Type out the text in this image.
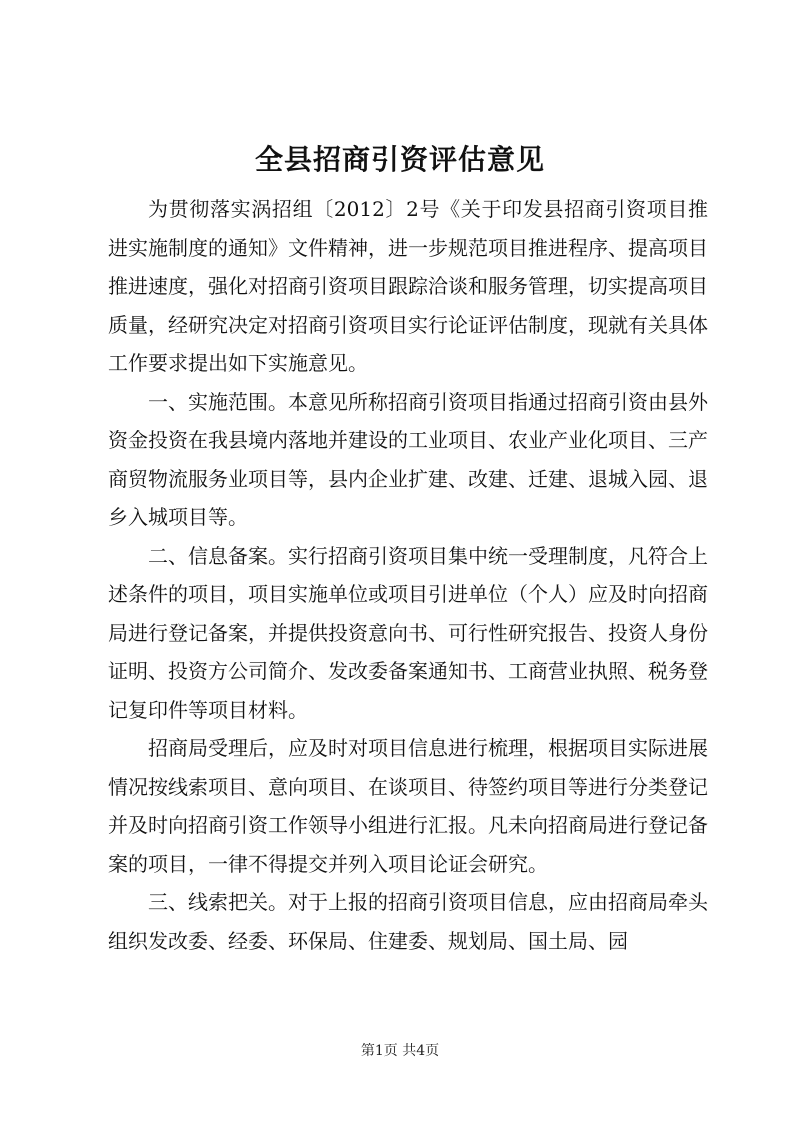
全县招商引资评估意见

为贯彻落实涡招组〔2012〕2号《关于印发县招商引资项目推进实施制度的通知》文件精神，进一步规范项目推进程序、提高项目推进速度，强化对招商引资项目跟踪洽谈和服务管理，切实提高项目质量，经研究决定对招商引资项目实行论证评估制度，现就有关具体工作要求提出如下实施意见。

一、实施范围。本意见所称招商引资项目指通过招商引资由县外资金投资在我县境内落地并建设的工业项目、农业产业化项目、三产商贸物流服务业项目等，县内企业扩建、改建、迁建、退城入园、退乡入城项目等。

二、信息备案。实行招商引资项目集中统一受理制度，凡符合上述条件的项目，项目实施单位或项目引进单位（个人）应及时向招商局进行登记备案，并提供投资意向书、可行性研究报告、投资人身份证明、投资方公司简介、发改委备案通知书、工商营业执照、税务登记复印件等项目材料。

招商局受理后，应及时对项目信息进行梳理，根据项目实际进展情况按线索项目、意向项目、在谈项目、待签约项目等进行分类登记并及时向招商引资工作领导小组进行汇报。凡未向招商局进行登记备案的项目，一律不得提交并列入项目论证会研究。

三、线索把关。对于上报的招商引资项目信息，应由招商局牵头组织发改委、经委、环保局、住建委、规划局、国土局、园

第1页 共4页
